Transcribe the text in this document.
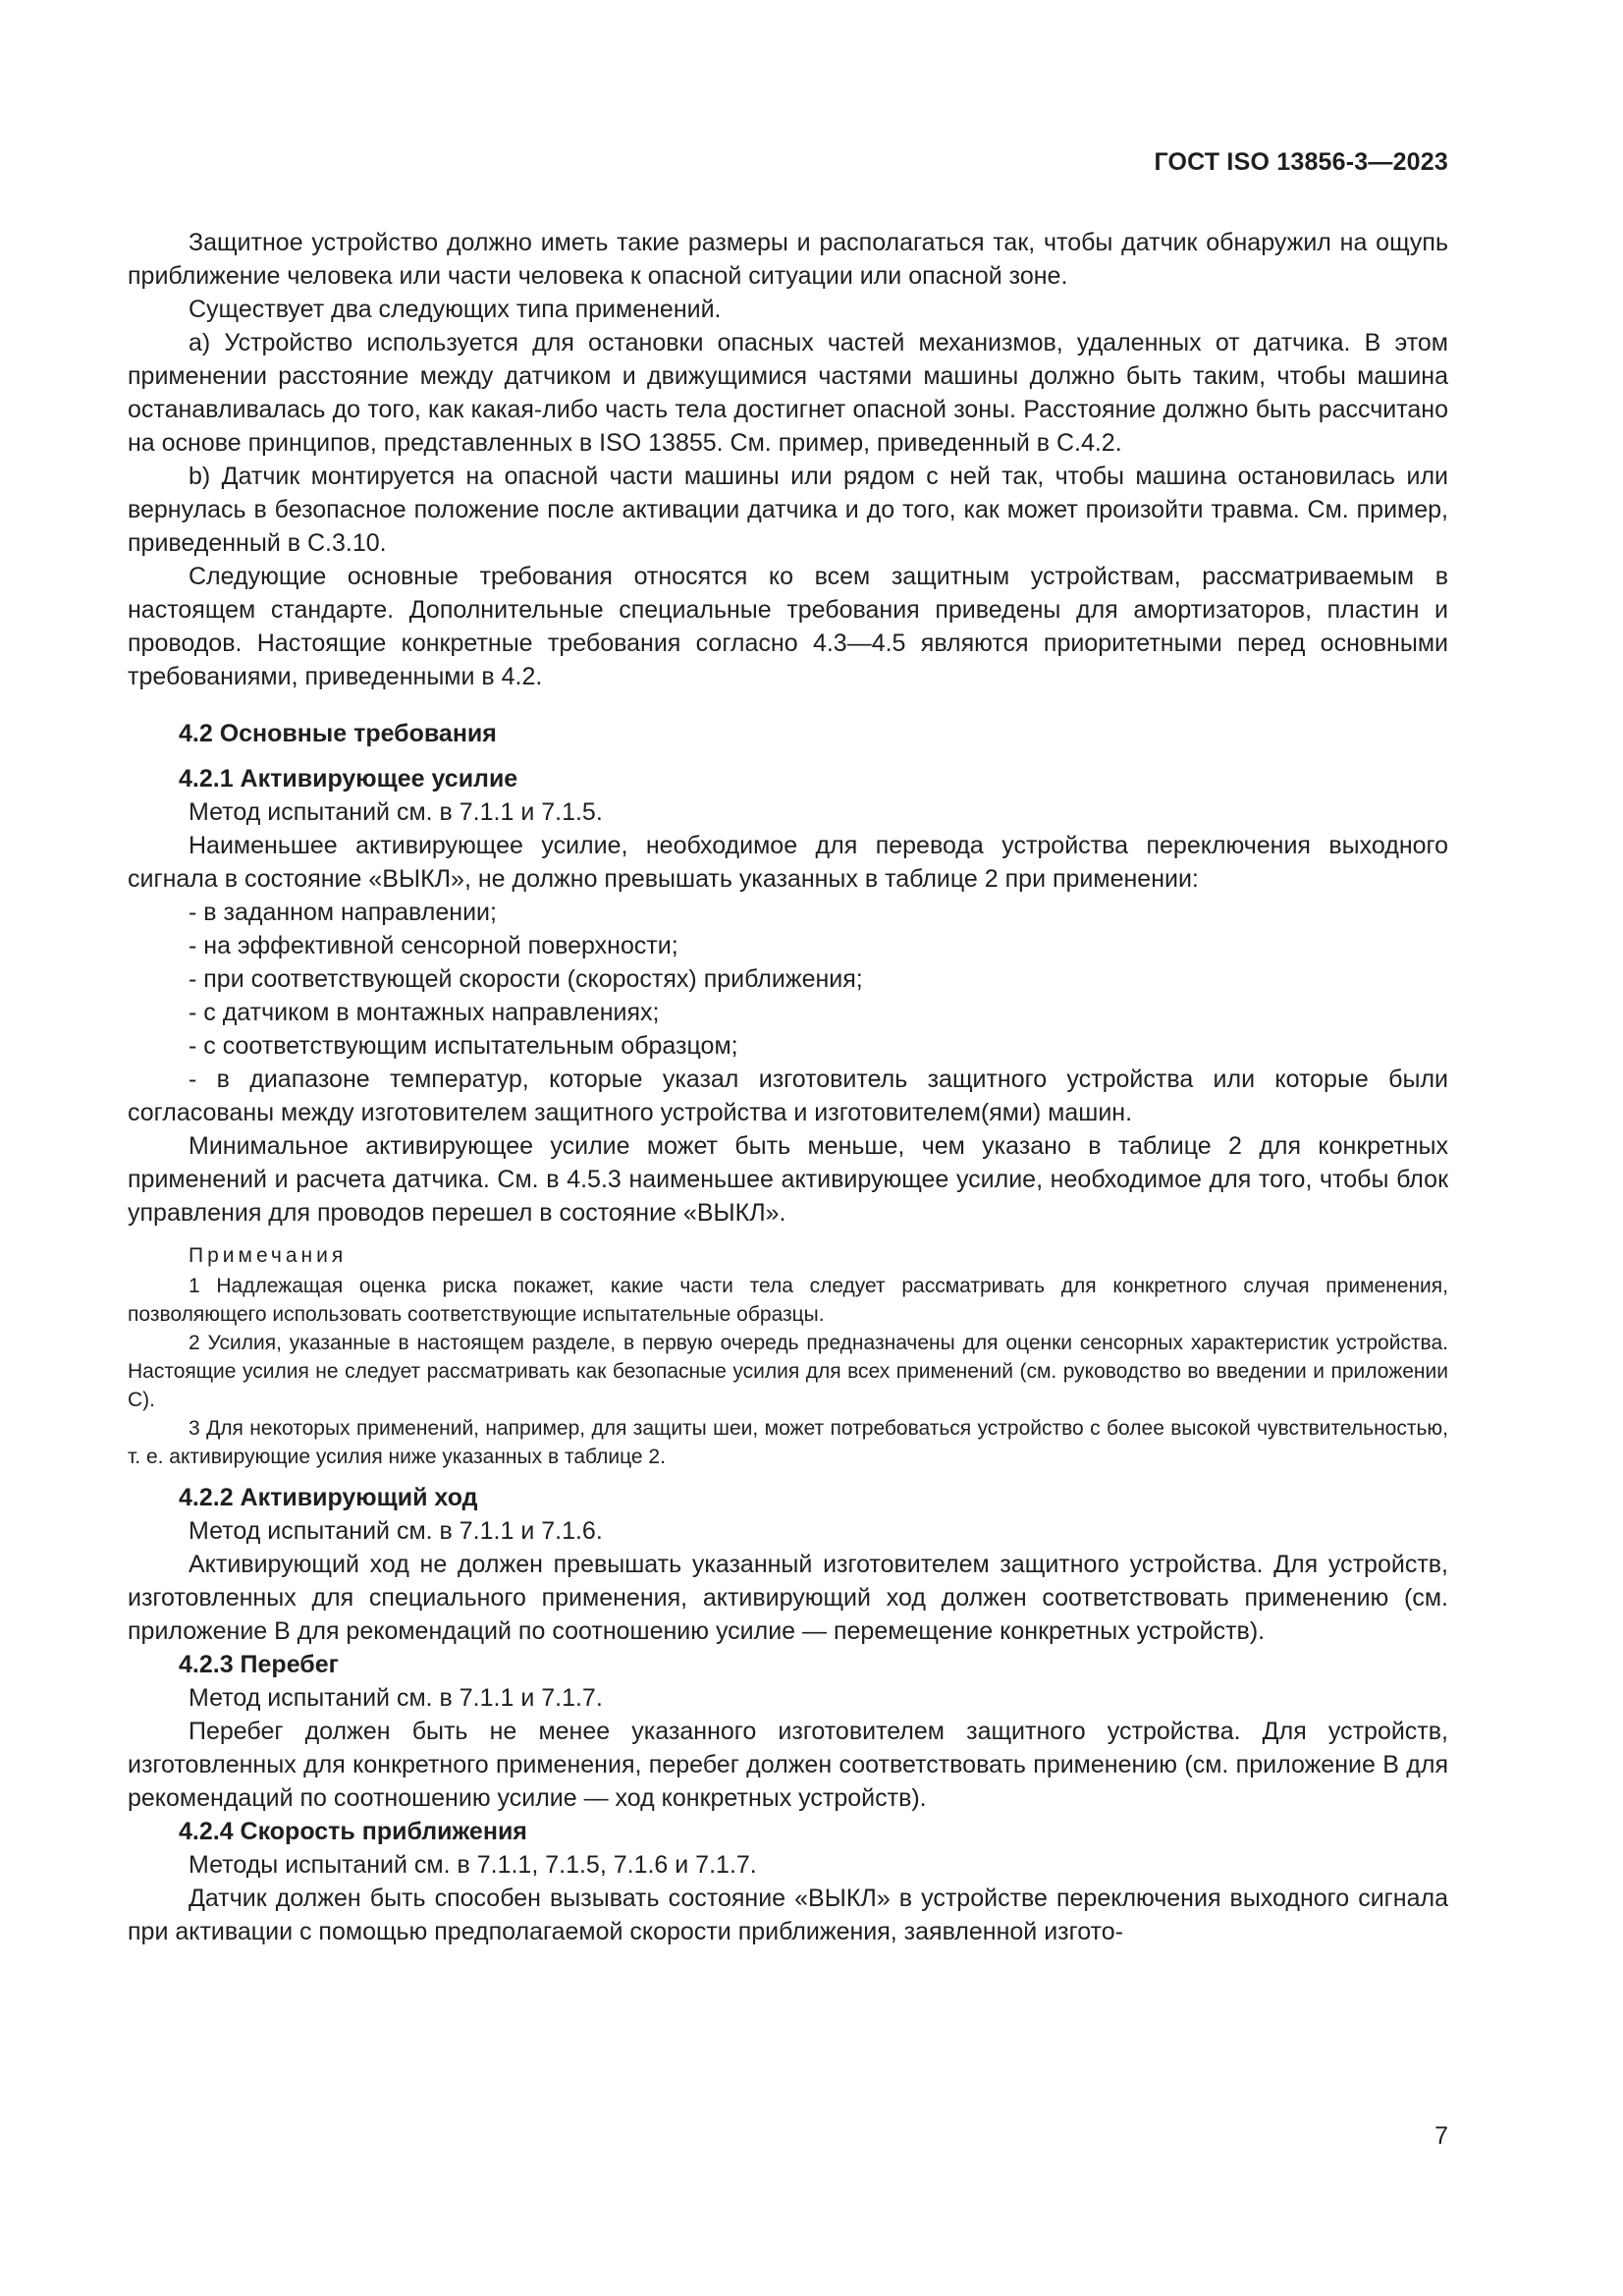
ГОСТ ISO 13856-3—2023

Защитное устройство должно иметь такие размеры и располагаться так, чтобы датчик обнаружил на ощупь приближение человека или части человека к опасной ситуации или опасной зоне.

Существует два следующих типа применений.

a) Устройство используется для остановки опасных частей механизмов, удаленных от датчика. В этом применении расстояние между датчиком и движущимися частями машины должно быть таким, чтобы машина останавливалась до того, как какая-либо часть тела достигнет опасной зоны. Расстояние должно быть рассчитано на основе принципов, представленных в ISO 13855. См. пример, приведенный в C.4.2.

b) Датчик монтируется на опасной части машины или рядом с ней так, чтобы машина остановилась или вернулась в безопасное положение после активации датчика и до того, как может произойти травма. См. пример, приведенный в C.3.10.

Следующие основные требования относятся ко всем защитным устройствам, рассматриваемым в настоящем стандарте. Дополнительные специальные требования приведены для амортизаторов, пластин и проводов. Настоящие конкретные требования согласно 4.3—4.5 являются приоритетными перед основными требованиями, приведенными в 4.2.

4.2 Основные требования

4.2.1 Активирующее усилие

Метод испытаний см. в 7.1.1 и 7.1.5.

Наименьшее активирующее усилие, необходимое для перевода устройства переключения выходного сигнала в состояние «ВЫКЛ», не должно превышать указанных в таблице 2 при применении:

- в заданном направлении;

- на эффективной сенсорной поверхности;

- при соответствующей скорости (скоростях) приближения;

- с датчиком в монтажных направлениях;

- с соответствующим испытательным образцом;

- в диапазоне температур, которые указал изготовитель защитного устройства или которые были согласованы между изготовителем защитного устройства и изготовителем(ями) машин.

Минимальное активирующее усилие может быть меньше, чем указано в таблице 2 для конкретных применений и расчета датчика. См. в 4.5.3 наименьшее активирующее усилие, необходимое для того, чтобы блок управления для проводов перешел в состояние «ВЫКЛ».

Примечания

1 Надлежащая оценка риска покажет, какие части тела следует рассматривать для конкретного случая применения, позволяющего использовать соответствующие испытательные образцы.

2 Усилия, указанные в настоящем разделе, в первую очередь предназначены для оценки сенсорных характеристик устройства. Настоящие усилия не следует рассматривать как безопасные усилия для всех применений (см. руководство во введении и приложении C).

3 Для некоторых применений, например, для защиты шеи, может потребоваться устройство с более высокой чувствительностью, т. е. активирующие усилия ниже указанных в таблице 2.

4.2.2 Активирующий ход

Метод испытаний см. в 7.1.1 и 7.1.6.

Активирующий ход не должен превышать указанный изготовителем защитного устройства. Для устройств, изготовленных для специального применения, активирующий ход должен соответствовать применению (см. приложение B для рекомендаций по соотношению усилие — перемещение конкретных устройств).

4.2.3 Перебег

Метод испытаний см. в 7.1.1 и 7.1.7.

Перебег должен быть не менее указанного изготовителем защитного устройства. Для устройств, изготовленных для конкретного применения, перебег должен соответствовать применению (см. приложение B для рекомендаций по соотношению усилие — ход конкретных устройств).

4.2.4 Скорость приближения

Методы испытаний см. в 7.1.1, 7.1.5, 7.1.6 и 7.1.7.

Датчик должен быть способен вызывать состояние «ВЫКЛ» в устройстве переключения выходного сигнала при активации с помощью предполагаемой скорости приближения, заявленной изгото-

7
